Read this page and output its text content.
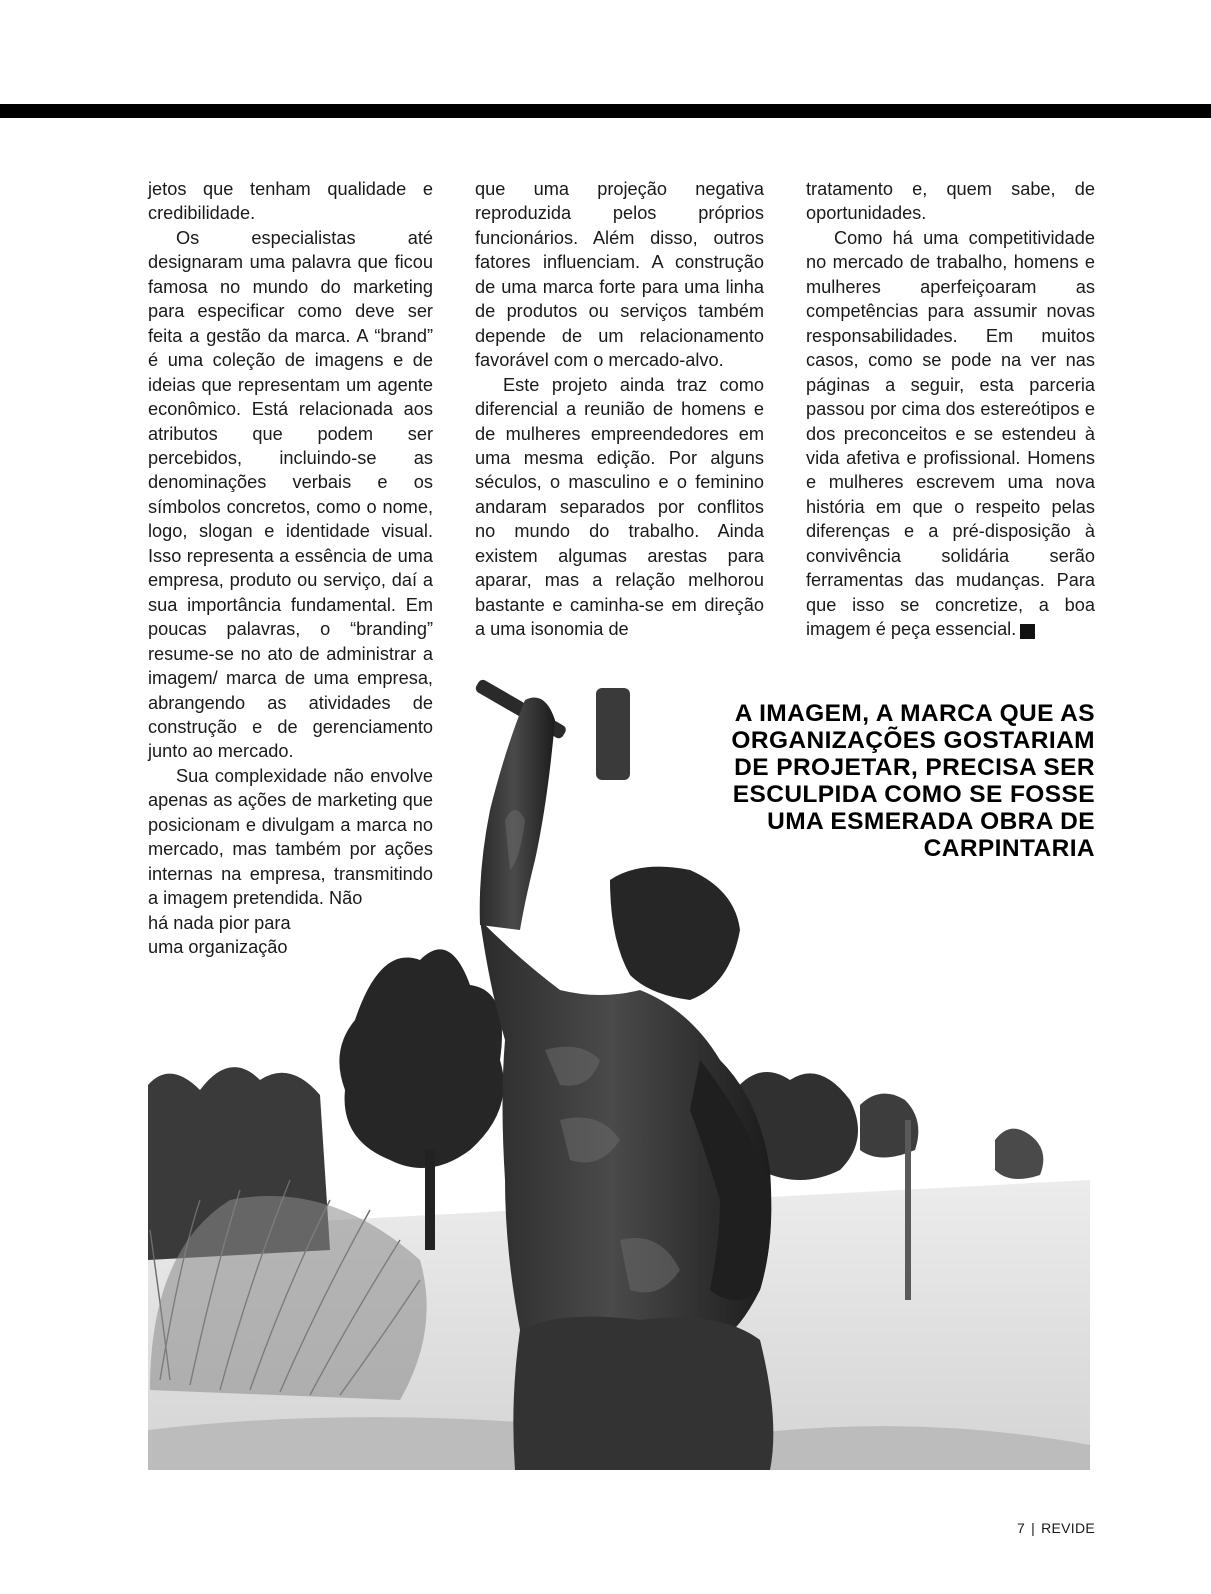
jetos que tenham qualidade e credibilidade.

Os especialistas até designaram uma palavra que ficou famosa no mundo do marketing para especificar como deve ser feita a gestão da marca. A “brand” é uma coleção de imagens e de ideias que representam um agente econômico. Está relacionada aos atributos que podem ser percebidos, incluindo-se as denominações verbais e os símbolos concretos, como o nome, logo, slogan e identidade visual. Isso representa a essência de uma empresa, produto ou serviço, daí a sua importância fundamental. Em poucas palavras, o “branding” resume-se no ato de administrar a imagem/ marca de uma empresa, abrangendo as atividades de construção e de gerenciamento junto ao mercado.

Sua complexidade não envolve apenas as ações de marketing que posicionam e divulgam a marca no mercado, mas também por ações internas na empresa, transmitindo a imagem pretendida. Não

há nada pior para

uma organização

que uma projeção negativa reproduzida pelos próprios funcionários. Além disso, outros fatores influenciam. A construção de uma marca forte para uma linha de produtos ou serviços também depende de um relacionamento favorável com o mercado-alvo.

Este projeto ainda traz como diferencial a reunião de homens e de mulheres empreendedores em uma mesma edição. Por alguns séculos, o masculino e o feminino andaram separados por conflitos no mundo do trabalho. Ainda existem algumas arestas para aparar, mas a relação melhorou bastante e caminha-se em direção a uma isonomia de

tratamento e, quem sabe, de oportunidades.

Como há uma competitividade no mercado de trabalho, homens e mulheres aperfeiçoaram as competências para assumir novas responsabilidades. Em muitos casos, como se pode na ver nas páginas a seguir, esta parceria passou por cima dos estereótipos e dos preconceitos e se estendeu à vida afetiva e profissional. Homens e mulheres escrevem uma nova história em que o respeito pelas diferenças e a pré-disposição à convivência solidária serão ferramentas das mudanças. Para que isso se concretize, a boa imagem é peça essencial. r

A IMAGEM, A MARCA QUE AS ORGANIZAÇÕES GOSTARIAM DE PROJETAR, PRECISA SER ESCULPIDA COMO SE FOSSE UMA ESMERADA OBRA DE CARPINTARIA

7 | REVIDE
